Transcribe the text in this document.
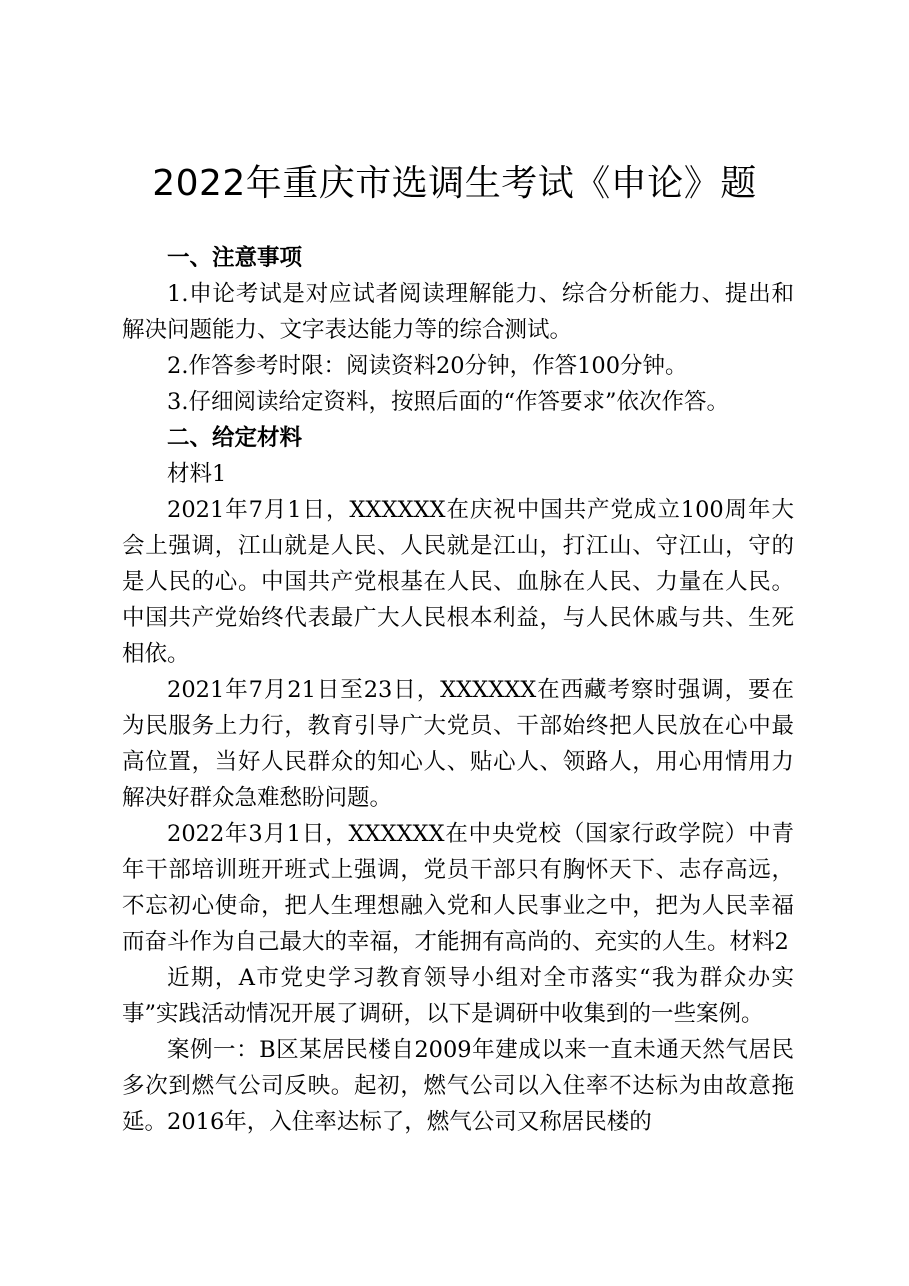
2022年重庆市选调生考试《申论》题
一、注意事项

1.申论考试是对应试者阅读理解能力、综合分析能力、提出和解决问题能力、文字表达能力等的综合测试。

2.作答参考时限：阅读资料20分钟，作答100分钟。

3.仔细阅读给定资料，按照后面的“作答要求”依次作答。

二、给定材料

材料1

2021年7月1日，XXXXXX在庆祝中国共产党成立100周年大会上强调，江山就是人民、人民就是江山，打江山、守江山，守的是人民的心。中国共产党根基在人民、血脉在人民、力量在人民。中国共产党始终代表最广大人民根本利益，与人民休戚与共、生死相依。

2021年7月21日至23日，XXXXXX在西藏考察时强调，要在为民服务上力行，教育引导广大党员、干部始终把人民放在心中最高位置，当好人民群众的知心人、贴心人、领路人，用心用情用力解决好群众急难愁盼问题。

2022年3月1日，XXXXXX在中央党校（国家行政学院）中青年干部培训班开班式上强调，党员干部只有胸怀天下、志存高远，不忘初心使命，把人生理想融入党和人民事业之中，把为人民幸福而奋斗作为自己最大的幸福，才能拥有高尚的、充实的人生。材料2

近期，A市党史学习教育领导小组对全市落实“我为群众办实事”实践活动情况开展了调研，以下是调研中收集到的一些案例。

案例一：B区某居民楼自2009年建成以来一直未通天然气居民多次到燃气公司反映。起初，燃气公司以入住率不达标为由故意拖延。2016年，入住率达标了，燃气公司又称居民楼的
